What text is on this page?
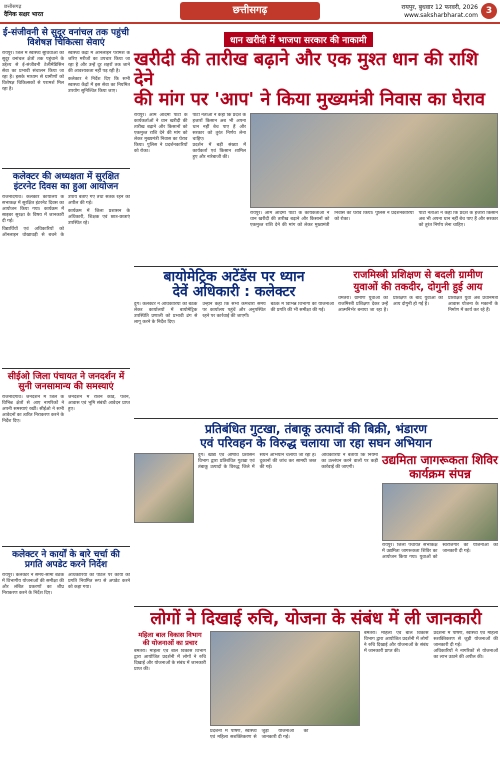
छत्तीसगढ़
दैनिक सक्षर भारत	छत्तीसगढ़	रायपुर, बुधवार 12 फरवरी, 2026
www.saksharbharat.com 3
ई-संजीवनी से सुदूर वनांचल तक पहुंची विशेषज्ञ चिकित्सा सेवाएं

रायपुर। जिले में स्वास्थ्य सुविधाओं को सुदूर वनांचल क्षेत्रों तक पहुंचाने के उद्देश्य से ई-संजीवनी टेलीमेडिसिन सेवा का प्रभावी संचालन किया जा रहा है। इसके माध्यम से ग्रामीणों को विशेषज्ञ चिकित्सकों से परामर्श मिल रहा है।

स्वास्थ्य केंद्रों में ऑनलाइन परामर्श के जरिए मरीजों का उपचार किया जा रहा है और उन्हें दूर शहरों तक जाने की आवश्यकता नहीं पड़ रही है।

कलेक्टर ने निर्देश दिए कि सभी स्वास्थ्य केंद्रों में इस सेवा का नियमित उपयोग सुनिश्चित किया जाए।

कलेक्टर की अध्यक्षता में सुरक्षित इंटरनेट दिवस का हुआ आयोजन

राजनांदगांव। कलेक्टर कार्यालय के सभाकक्ष में सुरक्षित इंटरनेट दिवस का आयोजन किया गया। कार्यक्रम में साइबर सुरक्षा के विषय में जानकारी दी गई।

विद्यार्थियों एवं अधिकारियों को ऑनलाइन धोखाधड़ी से बचने के उपाय बताए गए तथा सतर्क रहने की अपील की गई।

कार्यक्रम में जिला प्रशासन के अधिकारी, शिक्षक एवं छात्र-छात्राएं उपस्थित रहे।

सीईओ जिला पंचायत ने जनदर्शन में सुनी जनसामान्य की समस्याएं

राजनांदगांव। जनदर्शन में जिले के विभिन्न क्षेत्रों से आए नागरिकों ने अपनी समस्याएं रखीं। सीईओ ने सभी आवेदनों का त्वरित निराकरण करने के निर्देश दिए।

जनदर्शन में राशन कार्ड, पेंशन, आवास एवं भूमि संबंधी आवेदन प्राप्त हुए।

कलेक्टर ने कार्यों के बारे चर्चा की प्रगति अपडेट करने निर्देश

रायपुर। कलेक्टर ने समय-सीमा बैठक में विभागीय योजनाओं की समीक्षा की और लंबित प्रकरणों का शीघ्र निराकरण करने के निर्देश दिए।

अधिकारियों को पोर्टल पर कार्यों की प्रगति नियमित रूप से अपडेट करने को कहा गया।

धान खरीदी में भाजपा सरकार की नाकामी
खरीदी की तारीख बढ़ाने और एक मुश्त धान की राशि देने
की मांग पर 'आप' ने किया मुख्यमंत्री निवास का घेराव

रायपुर। आम आदमी पार्टी के कार्यकर्ताओं ने धान खरीदी की तारीख बढ़ाने और किसानों को एकमुश्त राशि देने की मांग को लेकर मुख्यमंत्री निवास का घेराव किया। पुलिस ने प्रदर्शनकारियों को रोका।

पार्टी नेताओं ने कहा कि प्रदेश के हजारों किसान अब भी अपना धान नहीं बेच पाए हैं और सरकार को तुरंत निर्णय लेना चाहिए।

प्रदर्शन में बड़ी संख्या में कार्यकर्ता एवं किसान शामिल हुए और नारेबाजी की।

रायपुर। आम आदमी पार्टी के कार्यकर्ताओं ने धान खरीदी की तारीख बढ़ाने और किसानों को एकमुश्त राशि देने की मांग को लेकर मुख्यमंत्री निवास का घेराव किया। पुलिस ने प्रदर्शनकारियों को रोका।

पार्टी नेताओं ने कहा कि प्रदेश के हजारों किसान अब भी अपना धान नहीं बेच पाए हैं और सरकार को तुरंत निर्णय लेना चाहिए।

बायोमेट्रिक अटेंडेंस पर ध्यान
देवें अधिकारी : कलेक्टर

दुर्ग। कलेक्टर ने अधिकारियों की बैठक लेकर कार्यालयों में बायोमेट्रिक उपस्थिति प्रणाली को प्रभावी ढंग से लागू करने के निर्देश दिए।

उन्होंने कहा कि सभी कर्मचारी समय पर कार्यालय पहुंचें और अनुपस्थित रहने पर कार्रवाई की जाएगी।

बैठक में विभिन्न विभागों की योजनाओं की प्रगति की भी समीक्षा की गई।

राजमिस्त्री प्रशिक्षण से बदली ग्रामीण
युवाओं की तकदीर, दोगुनी हुई आय

धमतरी। ग्रामीण युवाओं को राजमिस्त्री प्रशिक्षण देकर उन्हें आत्मनिर्भर बनाया जा रहा है। प्रशिक्षण के बाद युवाओं की आय दोगुनी हो गई है।

प्रशिक्षित युवा अब प्रधानमंत्री आवास योजना के मकानों के निर्माण में कार्य कर रहे हैं।

प्रतिबंधित गुटखा, तंबाकू उत्पादों की बिक्री, भंडारण
एवं परिवहन के विरुद्ध चलाया जा रहा सघन अभियान

दुर्ग। खाद्य एवं औषधि प्रशासन विभाग द्वारा प्रतिबंधित गुटखा एवं तंबाकू उत्पादों के विरुद्ध जिले में सघन अभियान चलाया जा रहा है। दुकानों की जांच कर सामग्री जब्त की गई।

अधिकारियों ने बताया कि नियमों का उल्लंघन करने वालों पर कड़ी कार्रवाई की जाएगी।

उद्यमिता जागरूकता शिविर
कार्यक्रम संपन्न

रायपुर। जिला पंचायत सभाकक्ष में उद्यमिता जागरूकता शिविर का आयोजन किया गया। युवाओं को स्वरोजगार की योजनाओं की जानकारी दी गई।

लोगों ने दिखाई रुचि, योजना के संबंध में ली जानकारी
महिला बाल विकास विभाग की योजनाओं का प्रचार

बेमेतरा। महिला एवं बाल विकास विभाग द्वारा आयोजित प्रदर्शनी में लोगों ने रुचि दिखाई और योजनाओं के संबंध में जानकारी प्राप्त की।

प्रदर्शनी में पोषण, स्वास्थ्य एवं महिला सशक्तिकरण से जुड़ी योजनाओं की जानकारी दी गई।

बेमेतरा। महिला एवं बाल विकास विभाग द्वारा आयोजित प्रदर्शनी में लोगों ने रुचि दिखाई और योजनाओं के संबंध में जानकारी प्राप्त की।

प्रदर्शनी में पोषण, स्वास्थ्य एवं महिला सशक्तिकरण से जुड़ी योजनाओं की जानकारी दी गई।

अधिकारियों ने नागरिकों से योजनाओं का लाभ उठाने की अपील की।
